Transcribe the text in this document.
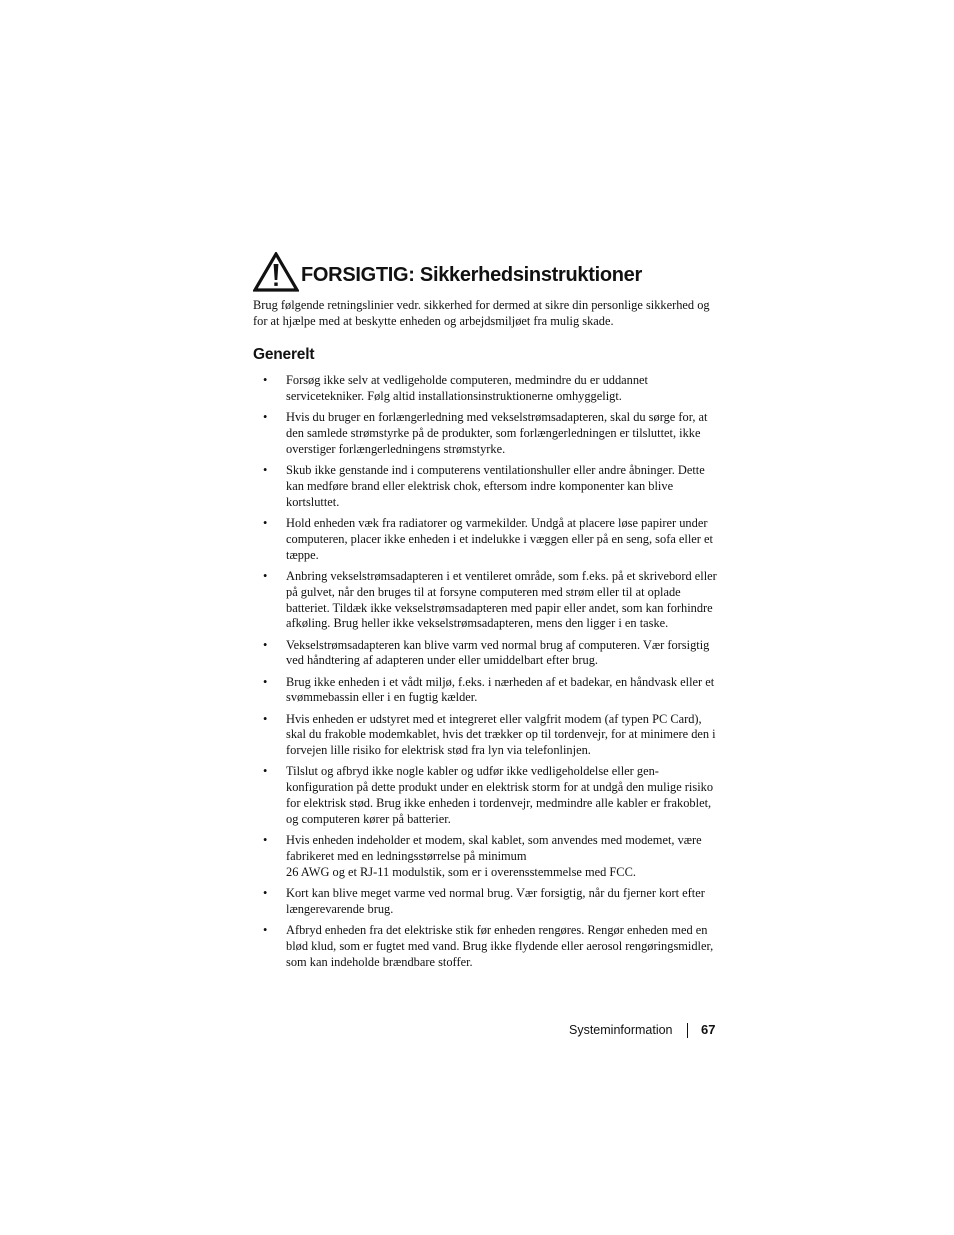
FORSIGTIG: Sikkerhedsinstruktioner

Brug følgende retningslinier vedr. sikkerhed for dermed at sikre din personlige sikkerhed og
for at hjælpe med at beskytte enheden og arbejdsmiljøet fra mulig skade.

Generelt
• Forsøg ikke selv at vedligeholde computeren, medmindre du er uddannet
servicetekniker. Følg altid installationsinstruktionerne omhyggeligt.
• Hvis du bruger en forlængerledning med vekselstrømsadapteren, skal du sørge for, at
den samlede strømstyrke på de produkter, som forlængerledningen er tilsluttet, ikke
overstiger forlængerledningens strømstyrke.
• Skub ikke genstande ind i computerens ventilationshuller eller andre åbninger. Dette
kan medføre brand eller elektrisk chok, eftersom indre komponenter kan blive
kortsluttet.
• Hold enheden væk fra radiatorer og varmekilder. Undgå at placere løse papirer under
computeren, placer ikke enheden i et indelukke i væggen eller på en seng, sofa eller et
tæppe.
• Anbring vekselstrømsadapteren i et ventileret område, som f.eks. på et skrivebord eller
på gulvet, når den bruges til at forsyne computeren med strøm eller til at oplade
batteriet. Tildæk ikke vekselstrømsadapteren med papir eller andet, som kan forhindre
afkøling. Brug heller ikke vekselstrømsadapteren, mens den ligger i en taske.
• Vekselstrømsadapteren kan blive varm ved normal brug af computeren. Vær forsigtig
ved håndtering af adapteren under eller umiddelbart efter brug.
• Brug ikke enheden i et vådt miljø, f.eks. i nærheden af et badekar, en håndvask eller et
svømmebassin eller i en fugtig kælder.
• Hvis enheden er udstyret med et integreret eller valgfrit modem (af typen PC Card),
skal du frakoble modemkablet, hvis det trækker op til tordenvejr, for at minimere den i
forvejen lille risiko for elektrisk stød fra lyn via telefonlinjen.
• Tilslut og afbryd ikke nogle kabler og udfør ikke vedligeholdelse eller gen-
konfiguration på dette produkt under en elektrisk storm for at undgå den mulige risiko
for elektrisk stød. Brug ikke enheden i tordenvejr, medmindre alle kabler er frakoblet,
og computeren kører på batterier.
• Hvis enheden indeholder et modem, skal kablet, som anvendes med modemet, være
fabrikeret med en ledningsstørrelse på minimum
26 AWG og et RJ-11 modulstik, som er i overensstemmelse med FCC.
• Kort kan blive meget varme ved normal brug. Vær forsigtig, når du fjerner kort efter
længerevarende brug.
• Afbryd enheden fra det elektriske stik før enheden rengøres. Rengør enheden med en
blød klud, som er fugtet med vand. Brug ikke flydende eller aerosol rengøringsmidler,
som kan indeholde brændbare stoffer.
Systeminformation 67
